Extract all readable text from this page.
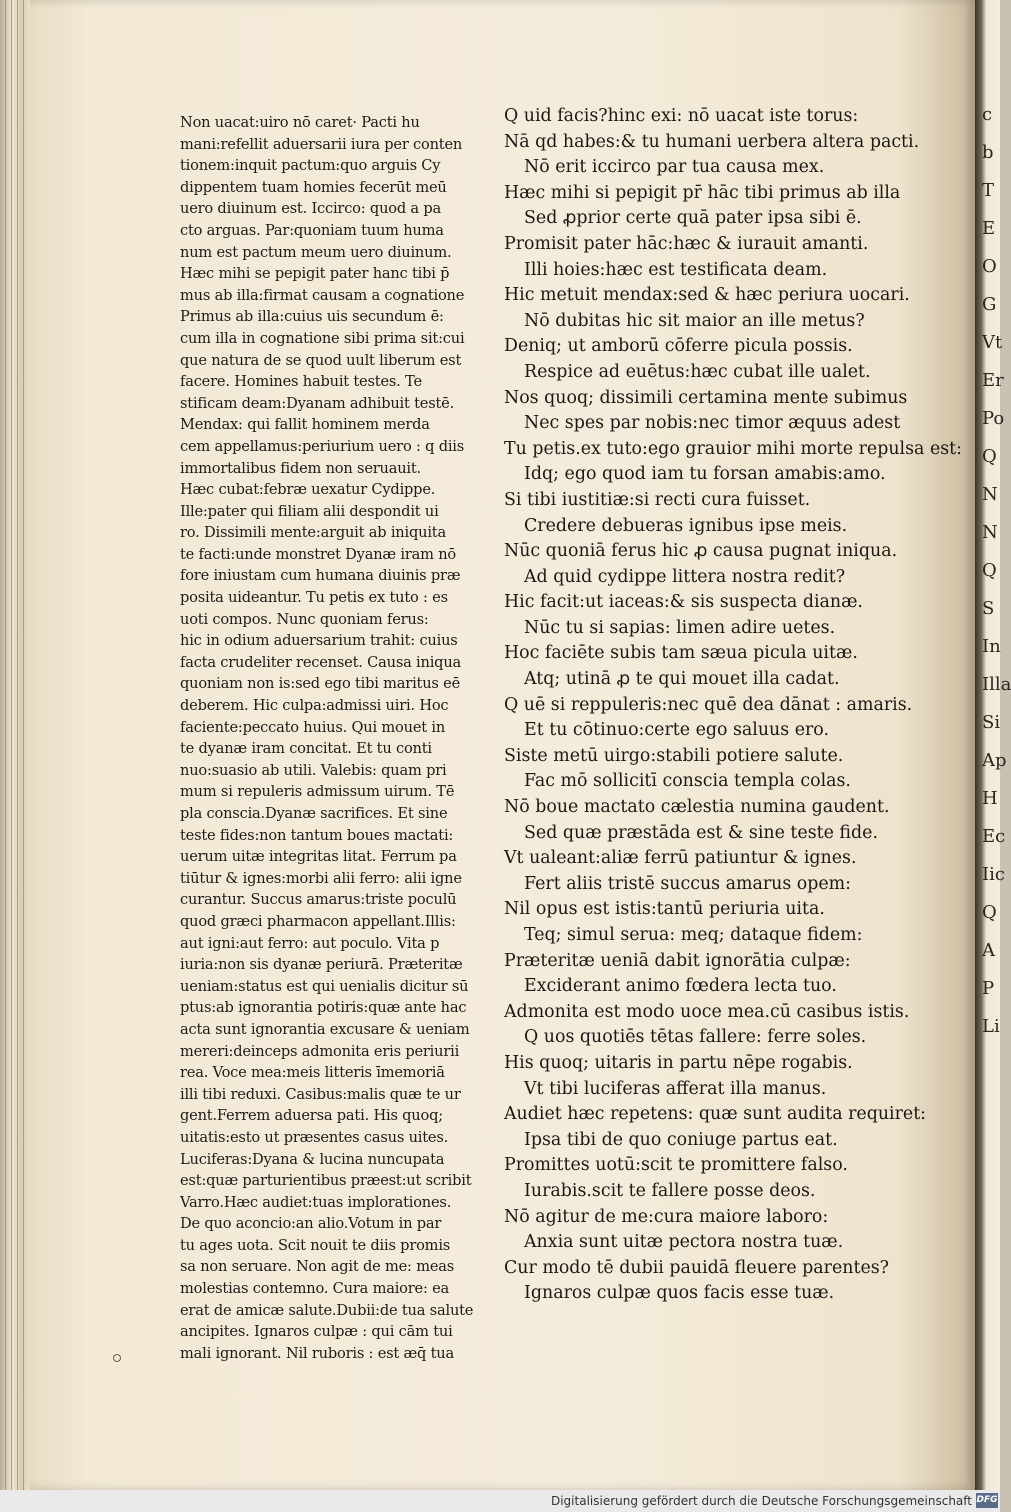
c
b
T
E
O
G
Vt
Er
Po
Q
N
N
Q
S
In
Illa
Si
Ap
H
Ec
Iic
Q
A
P
Li
Non uacat:uiro nō caret· Pacti hu
mani:refellit aduersarii iura per conten
tionem:inquit pactum:quo arguis Cy
dippentem tuam homies fecerūt meū
uero diuinum est. Iccirco: quod a pa
cto arguas. Par:quoniam tuum huma
num est pactum meum uero diuinum.
Hæc mihi se pepigit pater hanc tibi p̄
mus ab illa:firmat causam a cognatione
Primus ab illa:cuius uis secundum ē:
cum illa in cognatione sibi prima sit:cui
que natura de se quod uult liberum est
facere. Homines habuit testes. Te
stificam deam:Dyanam adhibuit testē.
Mendax: qui fallit hominem merda
cem appellamus:periurium uero : q diis
immortalibus fidem non seruauit.
Hæc cubat:febræ uexatur Cydippe.
Ille:pater qui filiam alii despondit ui
ro. Dissimili mente:arguit ab iniquita
te facti:unde monstret Dyanæ iram nō
fore iniustam cum humana diuinis præ
posita uideantur. Tu petis ex tuto : es
uoti compos. Nunc quoniam ferus:
hic in odium aduersarium trahit: cuius
facta crudeliter recenset. Causa iniqua
quoniam non is:sed ego tibi maritus eē
deberem. Hic culpa:admissi uiri. Hoc
faciente:peccato huius. Qui mouet in
te dyanæ iram concitat. Et tu conti
nuo:suasio ab utili. Valebis: quam pri
mum si repuleris admissum uirum. Tē
pla conscia.Dyanæ sacrifices. Et sine
teste fides:non tantum boues mactati:
uerum uitæ integritas litat. Ferrum pa
tiūtur & ignes:morbi alii ferro: alii igne
curantur. Succus amarus:triste poculū
quod græci pharmacon appellant.Illis:
aut igni:aut ferro: aut poculo. Vita p
iuria:non sis dyanæ periurā. Præteritæ
ueniam:status est qui uenialis dicitur sū
ptus:ab ignorantia potiris:quæ ante hac
acta sunt ignorantia excusare & ueniam
mereri:deinceps admonita eris periurii
rea. Voce mea:meis litteris īmemoriā
illi tibi reduxi. Casibus:malis quæ te ur
gent.Ferrem aduersa pati. His quoq;
uitatis:esto ut præsentes casus uites.
Luciferas:Dyana & lucina nuncupata
est:quæ parturientibus præest:ut scribit
Varro.Hæc audiet:tuas implorationes.
De quo aconcio:an alio.Votum in par
tu ages uota. Scit nouit te diis promis
sa non seruare. Non agit de me: meas
molestias contemno. Cura maiore: ea
erat de amicæ salute.Dubii:de tua salute
ancipites. Ignaros culpæ : qui cām tui
mali ignorant. Nil ruboris : est æq̄ tua
Q uid facis?hinc exi: nō uacat iste torus:
Nā qd habes:& tu humani uerbera altera pacti.
Nō erit iccirco par tua causa mex.
Hæc mihi si pepigit pr̄ hāc tibi primus ab illa
Sed ꝓprior certe quā pater ipsa sibi ē.
Promisit pater hāc:hæc & iurauit amanti.
Illi hoies:hæc est testificata deam.
Hic metuit mendax:sed & hæc periura uocari.
Nō dubitas hic sit maior an ille metus?
Deniq; ut amborū cōferre picula possis.
Respice ad euētus:hæc cubat ille ualet.
Nos quoq; dissimili certamina mente subimus
Nec spes par nobis:nec timor æquus adest
Tu petis.ex tuto:ego grauior mihi morte repulsa est:
Idq; ego quod iam tu forsan amabis:amo.
Si tibi iustitiæ:si recti cura fuisset.
Credere debueras ignibus ipse meis.
Nūc quoniā ferus hic ꝓ causa pugnat iniqua.
Ad quid cydippe littera nostra redit?
Hic facit:ut iaceas:& sis suspecta dianæ.
Nūc tu si sapias: limen adire uetes.
Hoc faciēte subis tam sæua picula uitæ.
Atq; utinā ꝓ te qui mouet illa cadat.
Q uē si reppuleris:nec quē dea dānat : amaris.
Et tu cōtinuo:certe ego saluus ero.
Siste metū uirgo:stabili potiere salute.
Fac mō sollicitī conscia templa colas.
Nō boue mactato cælestia numina gaudent.
Sed quæ præstāda est & sine teste fide.
Vt ualeant:aliæ ferrū patiuntur & ignes.
Fert aliis tristē succus amarus opem:
Nil opus est istis:tantū periuria uita.
Teq; simul serua: meq; dataque fidem:
Præteritæ ueniā dabit ignorātia culpæ:
Exciderant animo fœdera lecta tuo.
Admonita est modo uoce mea.cū casibus istis.
Q uos quotiēs tētas fallere: ferre soles.
His quoq; uitaris in partu nēpe rogabis.
Vt tibi luciferas afferat illa manus.
Audiet hæc repetens: quæ sunt audita requiret:
Ipsa tibi de quo coniuge partus eat.
Promittes uotū:scit te promittere falso.
Iurabis.scit te fallere posse deos.
Nō agitur de me:cura maiore laboro:
Anxia sunt uitæ pectora nostra tuæ.
Cur modo tē dubii pauidā fleuere parentes?
Ignaros culpæ quos facis esse tuæ.
Digitalisierung gefördert durch die Deutsche Forschungsgemeinschaft DFG
